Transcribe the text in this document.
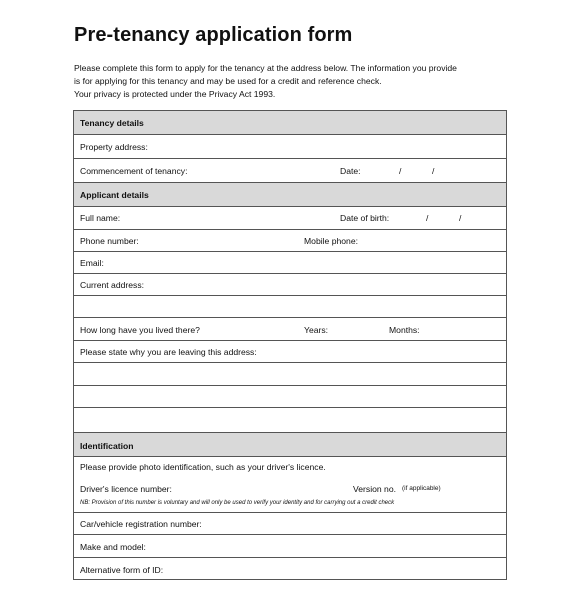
Pre-tenancy application form
Please complete this form to apply for the tenancy at the address below. The information you provide
is for applying for this tenancy and may be used for a credit and reference check.
Your privacy is protected under the Privacy Act 1993.
Tenancy details
Property address:
Commencement of tenancy:	Date:	/	/
Applicant details
Full name:	Date of birth:	/	/
Phone number:	Mobile phone:
Email:
Current address:
How long have you lived there?	Years:	Months:
Please state why you are leaving this address:
Identification
Please provide photo identification, such as your driver's licence.
Driver's licence number:	Version no. (if applicable)
NB: Provision of this number is voluntary and will only be used to verify your identity and for carrying out a credit check
Car/vehicle registration number:
Make and model:
Alternative form of ID:
